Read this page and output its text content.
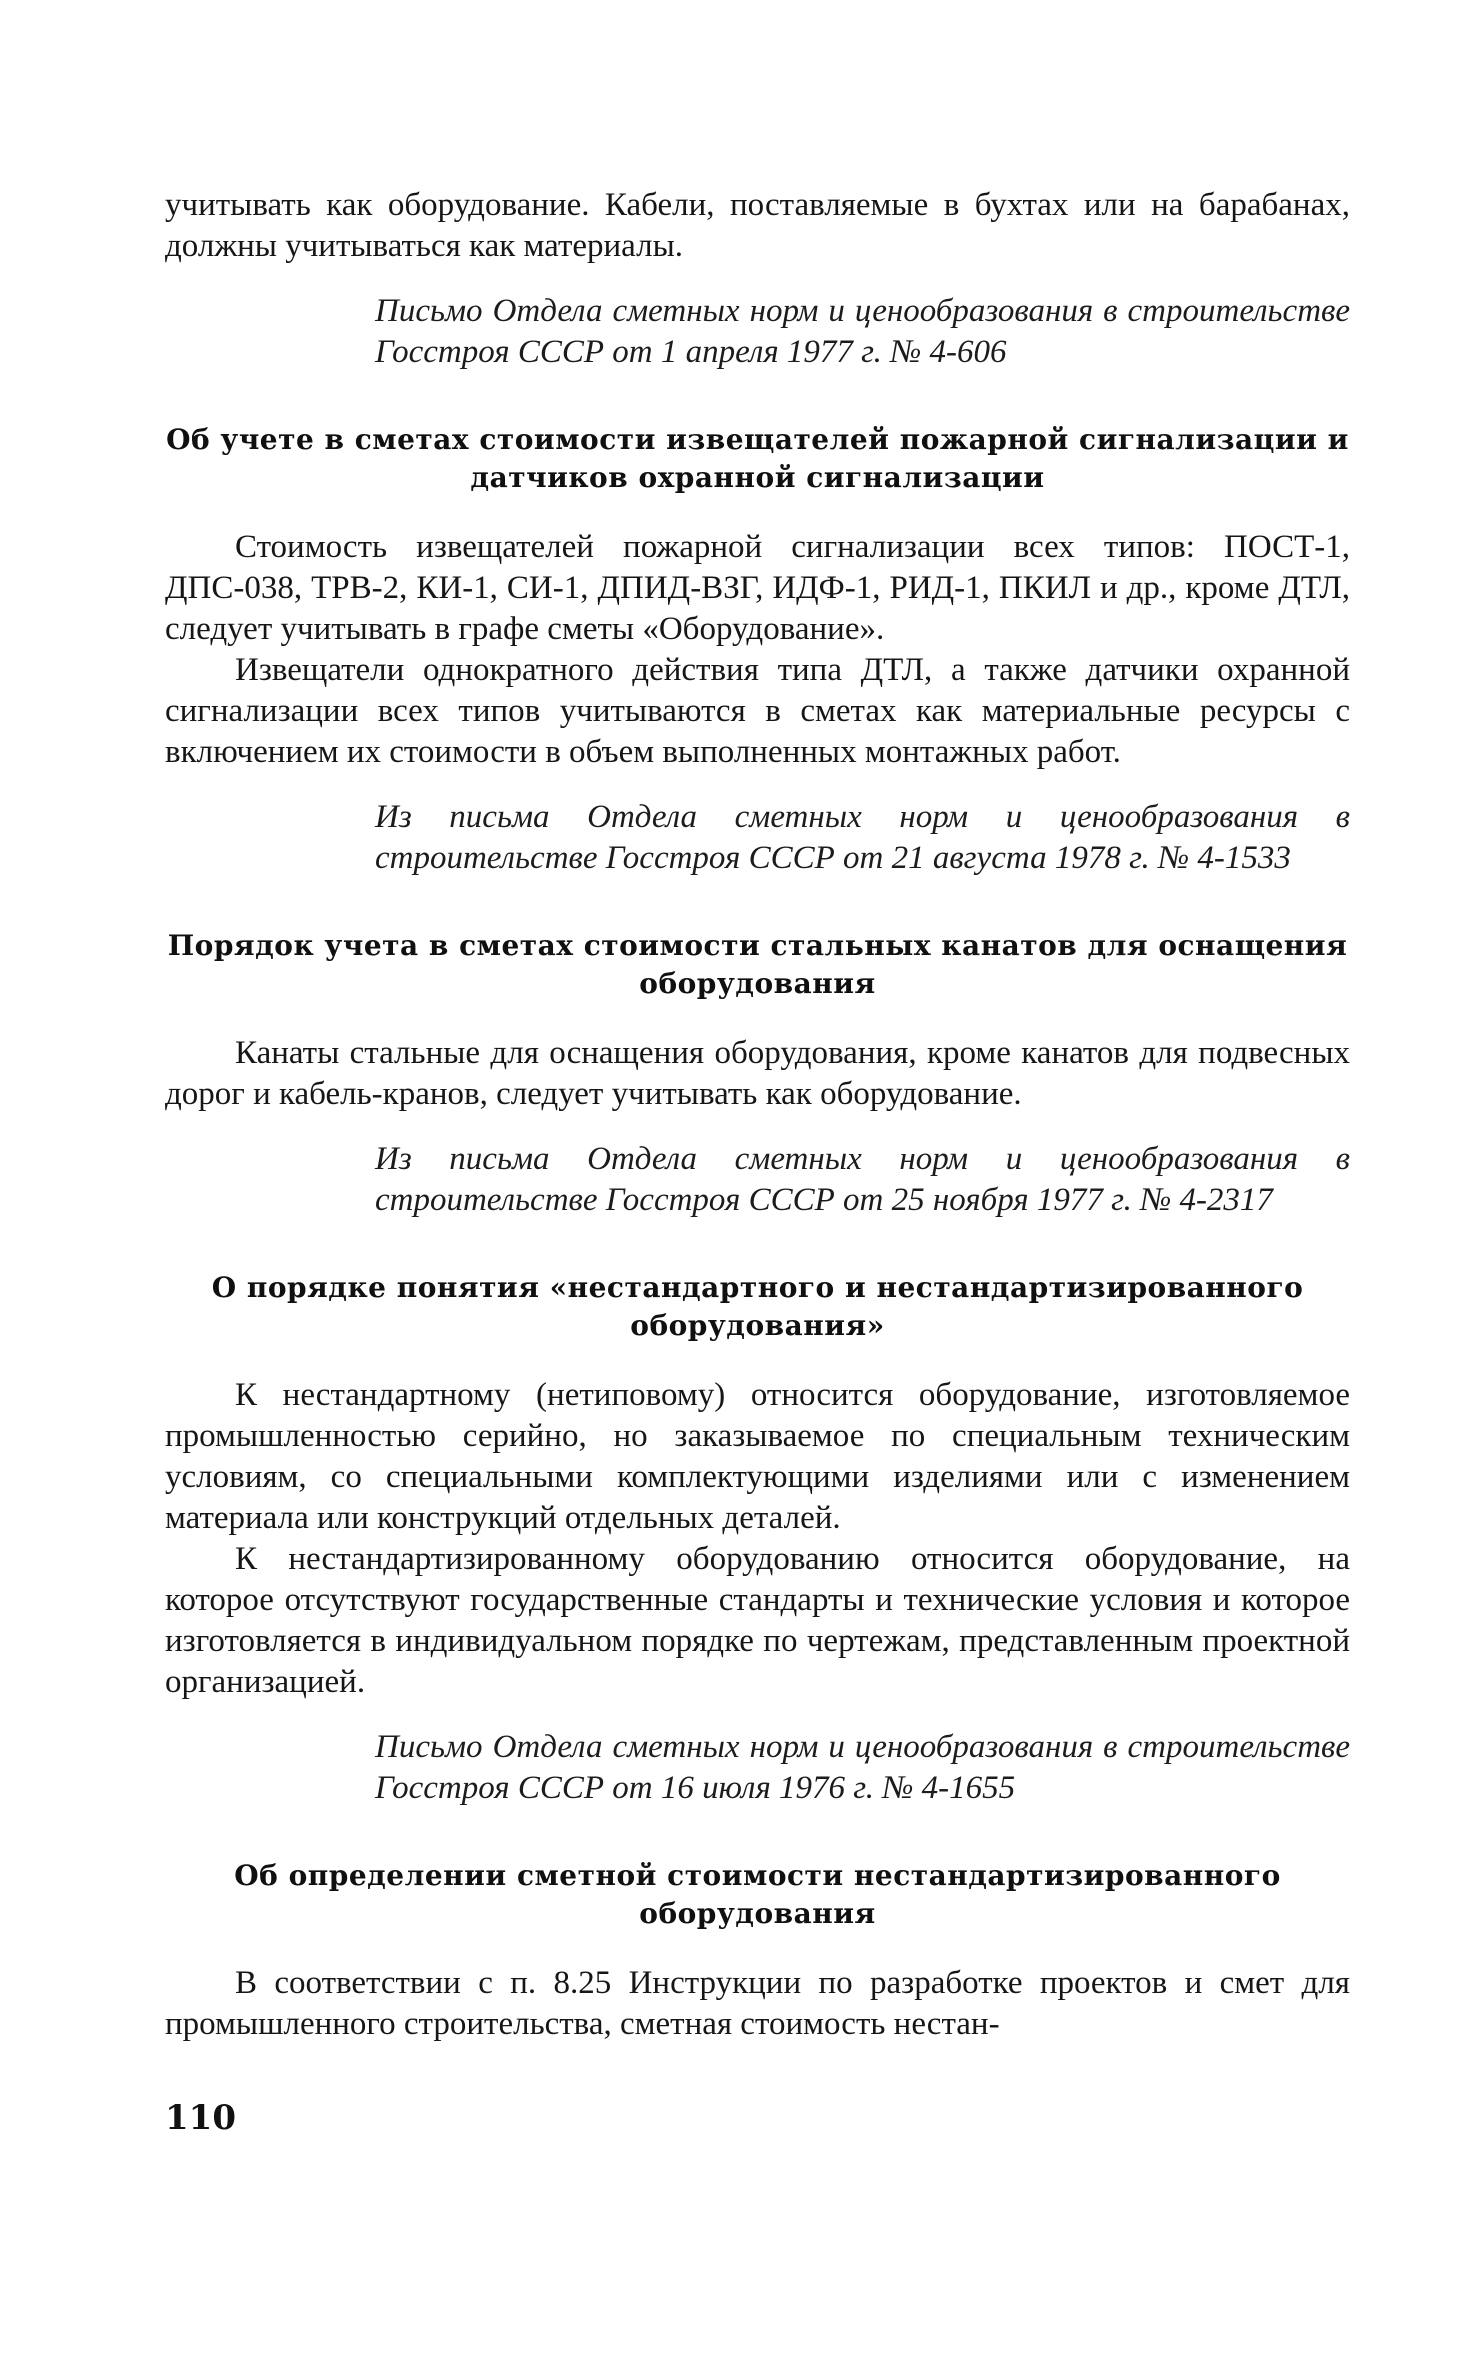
учитывать как оборудование. Кабели, поставляемые в бухтах или на барабанах, должны учитываться как материалы.

Письмо Отдела сметных норм и ценообразования в строительстве Госстроя СССР от 1 апреля 1977 г. № 4-606
Об учете в сметах стоимости извещателей пожарной сигнализации и датчиков охранной сигнализации

Стоимость извещателей пожарной сигнализации всех типов: ПОСТ-1, ДПС-038, ТРВ-2, КИ-1, СИ-1, ДПИД-ВЗГ, ИДФ-1, РИД-1, ПКИЛ и др., кроме ДТЛ, следует учитывать в графе сметы «Оборудование».

Извещатели однократного действия типа ДТЛ, а также датчики охранной сигнализации всех типов учитываются в сметах как материальные ресурсы с включением их стоимости в объем выполненных монтажных работ.

Из письма Отдела сметных норм и ценообразования в строительстве Госстроя СССР от 21 августа 1978 г. № 4-1533
Порядок учета в сметах стоимости стальных канатов для оснащения оборудования

Канаты стальные для оснащения оборудования, кроме канатов для подвесных дорог и кабель-кранов, следует учитывать как оборудование.

Из письма Отдела сметных норм и ценообразования в строительстве Госстроя СССР от 25 ноября 1977 г. № 4-2317
О порядке понятия «нестандартного и нестандартизированного оборудования»

К нестандартному (нетиповому) относится оборудование, изготовляемое промышленностью серийно, но заказываемое по специальным техническим условиям, со специальными комплектующими изделиями или с изменением материала или конструкций отдельных деталей.

К нестандартизированному оборудованию относится оборудование, на которое отсутствуют государственные стандарты и технические условия и которое изготовляется в индивидуальном порядке по чертежам, представленным проектной организацией.

Письмо Отдела сметных норм и ценообразования в строительстве Госстроя СССР от 16 июля 1976 г. № 4-1655
Об определении сметной стоимости нестандартизированного оборудования

В соответствии с п. 8.25 Инструкции по разработке проектов и смет для промышленного строительства, сметная стоимость нестан-

110
